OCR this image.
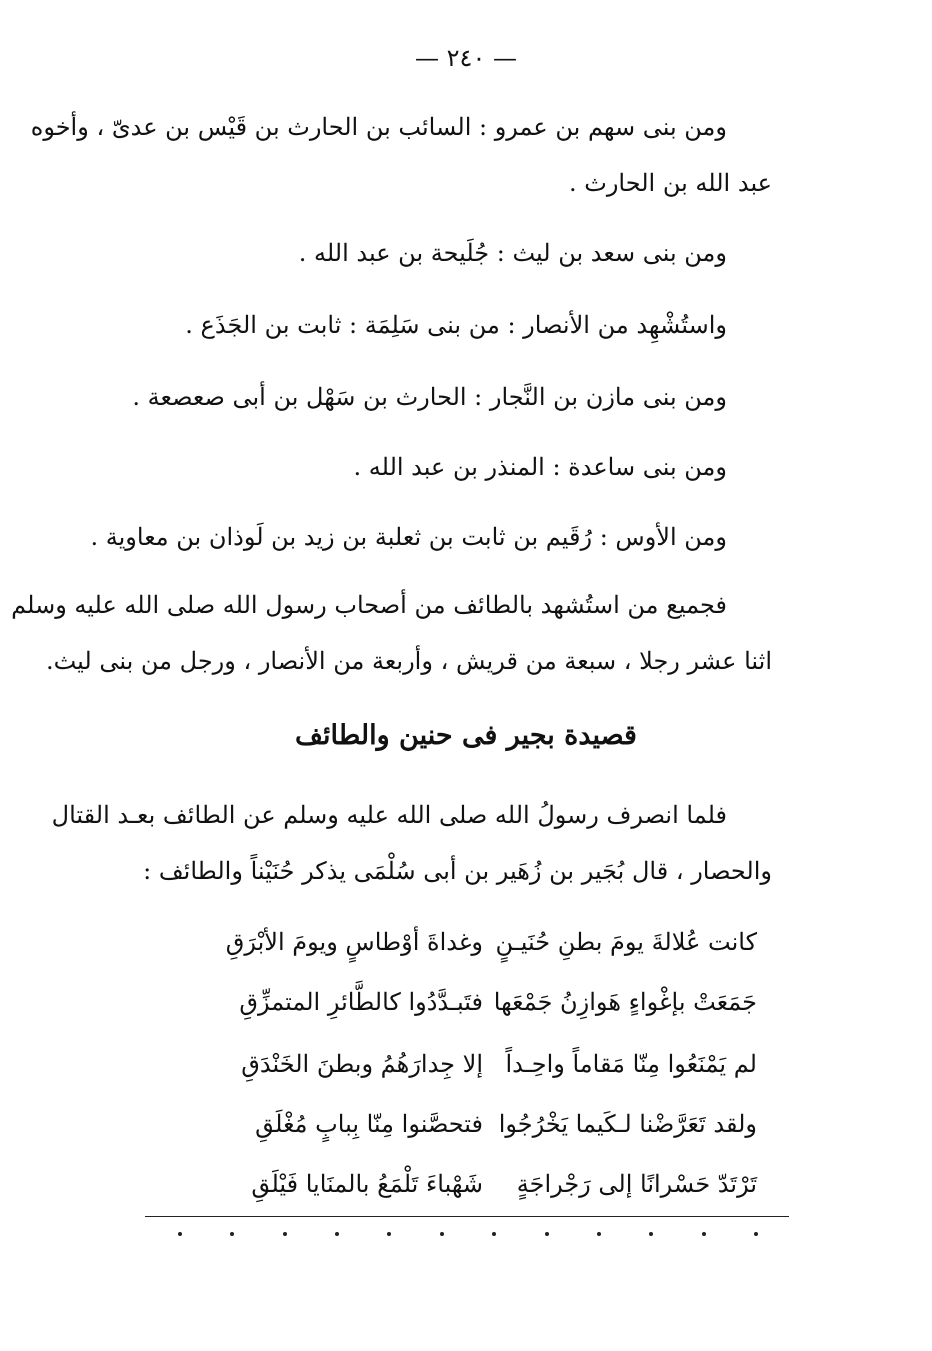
— ٢٤٠ —
ومن بنى سهم بن عمرو : السائب بن الحارث بن قَيْس بن عدىّ ، وأخوه
عبد الله بن الحارث .
ومن بنى سعد بن ليث : جُلَيحة بن عبد الله .
واستُشْهِد من الأنصار : من بنى سَلِمَة : ثابت بن الجَذَع .
ومن بنى مازن بن النَّجار : الحارث بن سَهْل بن أبى صعصعة .
ومن بنى ساعدة : المنذر بن عبد الله .
ومن الأوس : رُقَيم بن ثابت بن ثعلبة بن زيد بن لَوذان بن معاوية .
فجميع من استُشهد بالطائف من أصحاب رسول الله صلى الله عليه وسلم
اثنا عشر رجلا ، سبعة من قريش ، وأربعة من الأنصار ، ورجل من بنى ليث.
قصيدة بجير فى حنين والطائف
فلما انصرف رسولُ الله صلى الله عليه وسلم عن الطائف بعـد القتال
والحصار ، قال بُجَير بن زُهَير بن أبى سُلْمَى يذكر حُنَيْناً والطائف :
كانت عُلالةَ يومَ بطنِ حُنَيـنٍ
وغداةَ أوْطاسٍ ويومَ الأبْرَقِ
جَمَعَتْ بإغْواءٍ هَوازِنُ جَمْعَها
فتَبـدَّدُوا كالطَّائرِ المتمزِّقِ
لم يَمْنَعُوا مِنّا مَقاماً واحِـداً
إلا جِدارَهُمُ وبطنَ الخَنْدَقِ
ولقد تَعَرَّضْنا لـكَيما يَخْرُجُوا
فتحصَّنوا مِنّا بِبابٍ مُغْلَقِ
تَرْتَدّ حَسْرانًا إلى رَجْراجَةٍ
شَهْباءَ تَلْمَعُ بالمنَايا فَيْلَقِ
